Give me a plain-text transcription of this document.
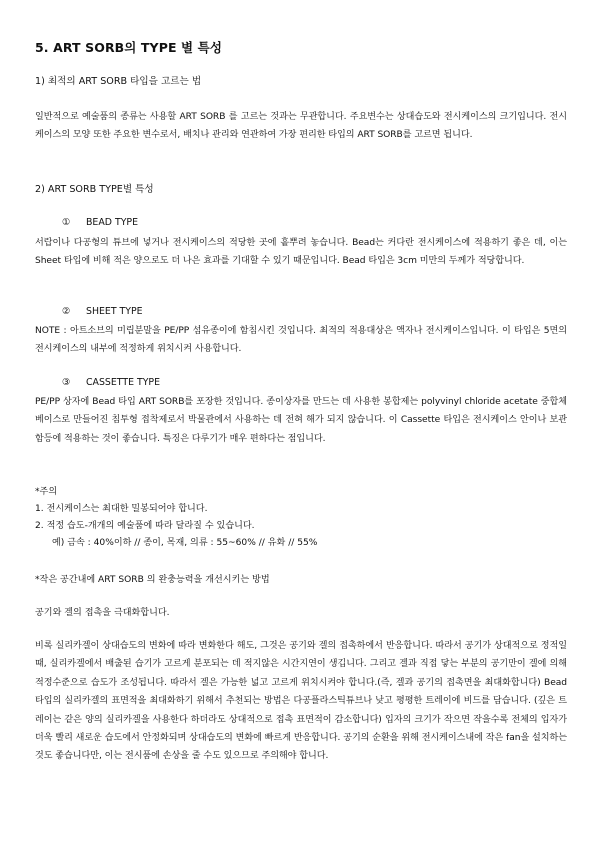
5. ART SORB의 TYPE 별 특성
1) 최적의 ART SORB 타입을 고르는 법

일반적으로 예술품의 종류는 사용할 ART SORB 를 고르는 것과는 무관합니다. 주요변수는 상대습도와 전시케이스의 크기입니다. 전시케이스의 모양 또한 주요한 변수로서, 배치나 관리와 연관하여 가장 편리한 타입의 ART SORB를 고르면 됩니다.

2) ART SORB TYPE별 특성
① BEAD TYPE

서랍이나 다공형의 튜브에 넣거나 전시케이스의 적당한 곳에 흩뿌려 놓습니다. Bead는 커다란 전시케이스에 적용하기 좋은 데, 이는 Sheet 타입에 비해 적은 양으로도 더 나은 효과를 기대할 수 있기 때문입니다. Bead 타입은 3cm 미만의 두께가 적당합니다.

② SHEET TYPE

NOTE : 아트소브의 미립분말을 PE/PP 섬유종이에 함침시킨 것입니다. 최적의 적용대상은 액자나 전시케이스입니다. 이 타입은 5면의 전시케이스의 내부에 적정하게 위치시켜 사용합니다.

③ CASSETTE TYPE

PE/PP 상자에 Bead 타입 ART SORB를 포장한 것입니다. 종이상자를 만드는 데 사용한 봉합제는 polyvinyl chloride acetate 중합체 베이스로 만들어진 침투형 접착제로서 박물관에서 사용하는 데 전혀 해가 되지 않습니다. 이 Cassette 타입은 전시케이스 안이나 보관함등에 적용하는 것이 좋습니다. 특징은 다루기가 매우 편하다는 점입니다.

*주의
1. 전시케이스는 최대한 밀봉되어야 합니다.
2. 적정 습도-개개의 예술품에 따라 달라질 수 있습니다.
예) 금속 : 40%이하 // 종이, 목재, 의류 : 55~60% // 유화 // 55%
*작은 공간내에 ART SORB 의 완충능력을 개선시키는 방법
공기와 겔의 접촉을 극대화합니다.

비록 실리카겔이 상대습도의 변화에 따라 변화한다 해도, 그것은 공기와 겔의 접촉하에서 반응합니다. 따라서 공기가 상대적으로 정적일 때, 실리카겔에서 배출된 습기가 고르게 분포되는 데 적지않은 시간지연이 생깁니다. 그리고 겔과 직접 닿는 부분의 공기만이 겔에 의해 적정수준으로 습도가 조성됩니다. 따라서 겔은 가능한 넓고 고르게 위치시켜야 합니다.(즉, 겔과 공기의 접촉면을 최대화합니다) Bead 타입의 실리카겔의 표면적을 최대화하기 위해서 추천되는 방법은 다공플라스틱튜브나 낮고 평평한 트레이에 비드를 담습니다. (깊은 트레이는 같은 양의 실리카겔을 사용한다 하더라도 상대적으로 접촉 표면적이 감소합니다) 입자의 크기가 작으면 작을수록 전체의 입자가 더욱 빨리 새로운 습도에서 안정화되며 상대습도의 변화에 빠르게 반응합니다. 공기의 순환을 위해 전시케이스내에 작은 fan을 설치하는 것도 좋습니다만, 이는 전시품에 손상을 줄 수도 있으므로 주의해야 합니다.
